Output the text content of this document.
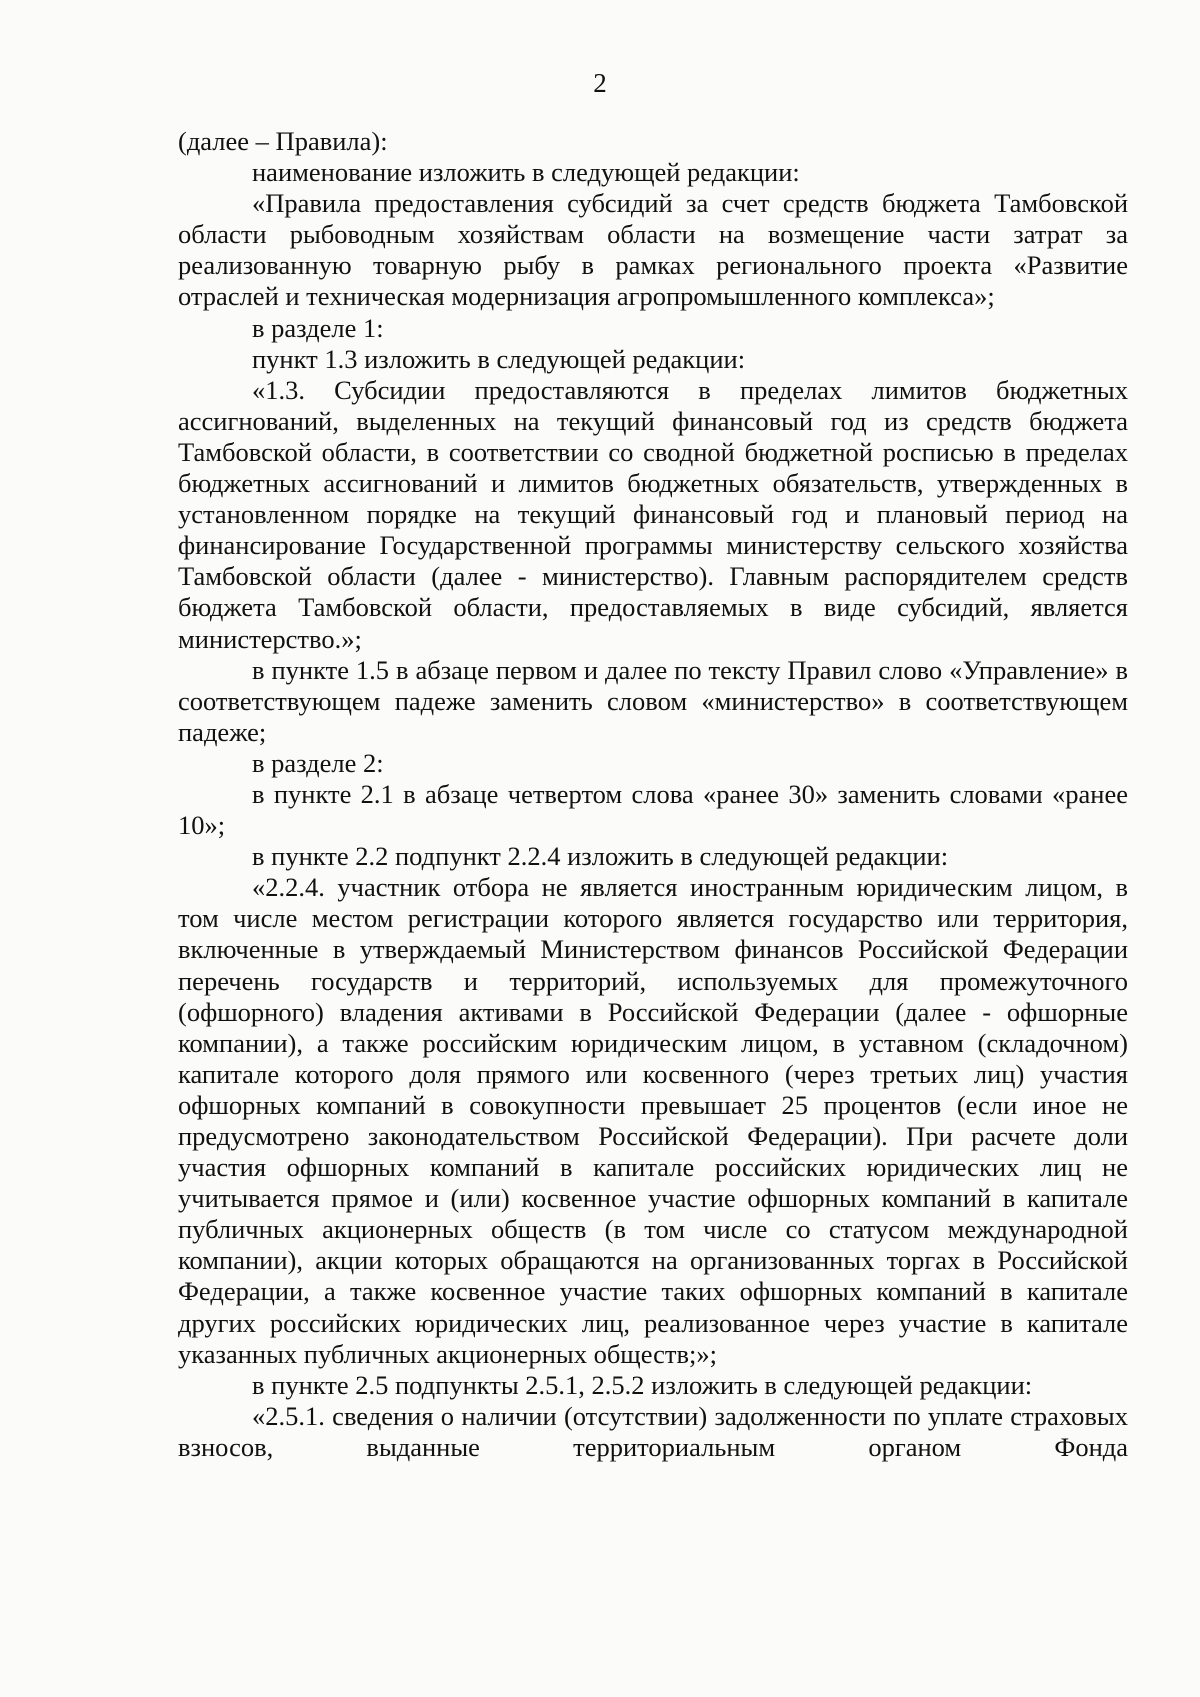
2

(далее – Правила):

наименование изложить в следующей редакции:

«Правила предоставления субсидий за счет средств бюджета Тамбовской области рыбоводным хозяйствам области на возмещение части затрат за реализованную товарную рыбу в рамках регионального проекта «Развитие отраслей и техническая модернизация агропромышленного комплекса»;

в разделе 1:

пункт 1.3 изложить в следующей редакции:

«1.3. Субсидии предоставляются в пределах лимитов бюджетных ассигнований, выделенных на текущий финансовый год из средств бюджета Тамбовской области, в соответствии со сводной бюджетной росписью в пределах бюджетных ассигнований и лимитов бюджетных обязательств, утвержденных в установленном порядке на текущий финансовый год и плановый период на финансирование Государственной программы министерству сельского хозяйства Тамбовской области (далее - министерство). Главным распорядителем средств бюджета Тамбовской области, предоставляемых в виде субсидий, является министерство.»;

в пункте 1.5 в абзаце первом и далее по тексту Правил слово «Управление» в соответствующем падеже заменить словом «министерство» в соответствующем падеже;

в разделе 2:

в пункте 2.1 в абзаце четвертом слова «ранее 30» заменить словами «ранее 10»;

в пункте 2.2 подпункт 2.2.4 изложить в следующей редакции:

«2.2.4. участник отбора не является иностранным юридическим лицом, в том числе местом регистрации которого является государство или территория, включенные в утверждаемый Министерством финансов Российской Федерации перечень государств и территорий, используемых для промежуточного (офшорного) владения активами в Российской Федерации (далее - офшорные компании), а также российским юридическим лицом, в уставном (складочном) капитале которого доля прямого или косвенного (через третьих лиц) участия офшорных компаний в совокупности превышает 25 процентов (если иное не предусмотрено законодательством Российской Федерации). При расчете доли участия офшорных компаний в капитале российских юридических лиц не учитывается прямое и (или) косвенное участие офшорных компаний в капитале публичных акционерных обществ (в том числе со статусом международной компании), акции которых обращаются на организованных торгах в Российской Федерации, а также косвенное участие таких офшорных компаний в капитале других российских юридических лиц, реализованное через участие в капитале указанных публичных акционерных обществ;»;

в пункте 2.5 подпункты 2.5.1, 2.5.2 изложить в следующей редакции:

«2.5.1. сведения о наличии (отсутствии) задолженности по уплате страховых взносов, выданные территориальным органом Фонда
